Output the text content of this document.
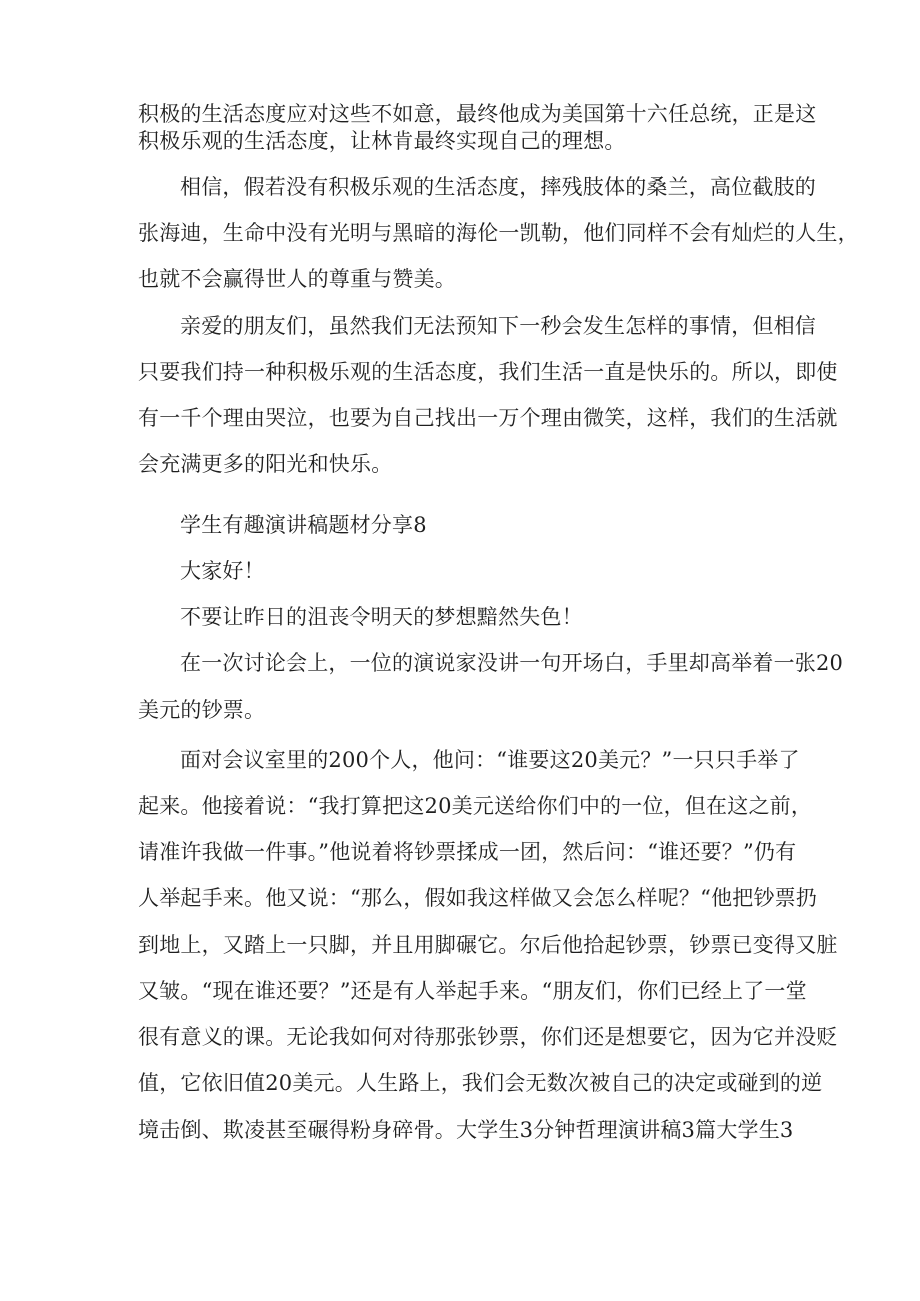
积极的生活态度应对这些不如意，最终他成为美国第十六任总统，正是这
积极乐观的生活态度，让林肯最终实现自己的理想。
相信，假若没有积极乐观的生活态度，摔残肢体的桑兰，高位截肢的
张海迪，生命中没有光明与黑暗的海伦一凯勒，他们同样不会有灿烂的人生，
也就不会赢得世人的尊重与赞美。
亲爱的朋友们，虽然我们无法预知下一秒会发生怎样的事情，但相信
只要我们持一种积极乐观的生活态度，我们生活一直是快乐的。所以，即使
有一千个理由哭泣，也要为自己找出一万个理由微笑，这样，我们的生活就
会充满更多的阳光和快乐。
学生有趣演讲稿题材分享8
大家好！
不要让昨日的沮丧令明天的梦想黯然失色！
在一次讨论会上，一位的演说家没讲一句开场白，手里却高举着一张20
美元的钞票。
面对会议室里的200个人，他问：“谁要这20美元？”一只只手举了
起来。他接着说：“我打算把这20美元送给你们中的一位，但在这之前，
请准许我做一件事。”他说着将钞票揉成一团，然后问：“谁还要？”仍有
人举起手来。他又说：“那么，假如我这样做又会怎么样呢？“他把钞票扔
到地上，又踏上一只脚，并且用脚碾它。尔后他拾起钞票，钞票已变得又脏
又皱。“现在谁还要？”还是有人举起手来。“朋友们，你们已经上了一堂
很有意义的课。无论我如何对待那张钞票，你们还是想要它，因为它并没贬
值，它依旧值20美元。人生路上，我们会无数次被自己的决定或碰到的逆
境击倒、欺凌甚至碾得粉身碎骨。大学生3分钟哲理演讲稿3篇大学生3
